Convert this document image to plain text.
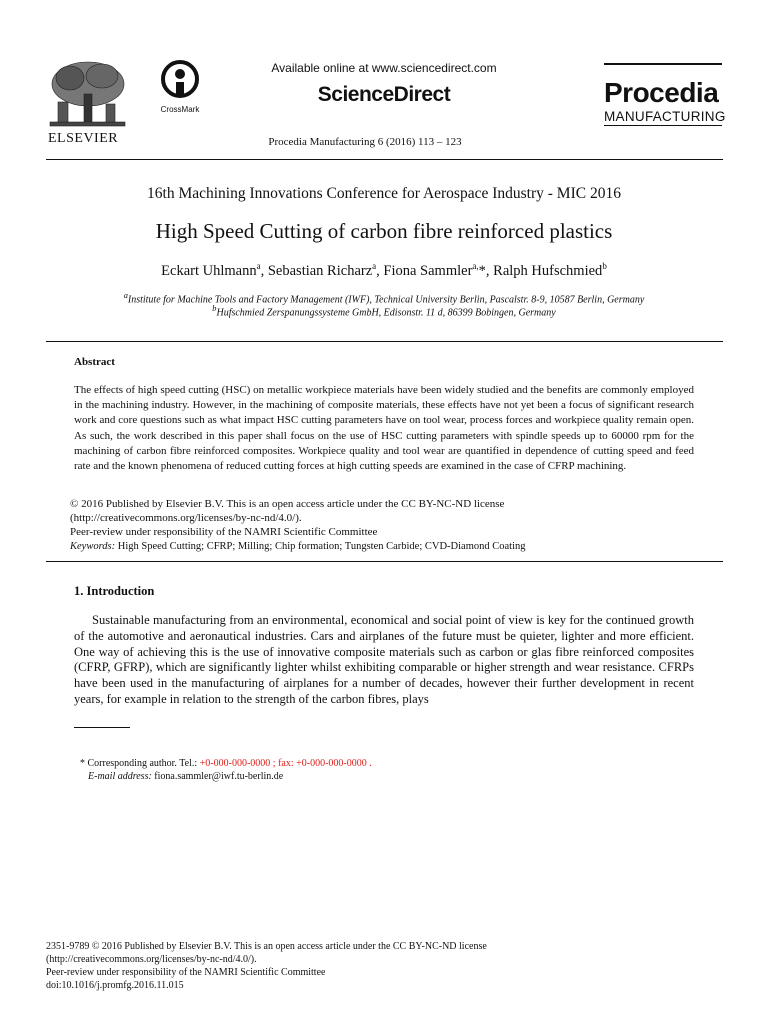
ELSEVIER
CrossMark
Available online at www.sciencedirect.com
ScienceDirect
Procedia Manufacturing 6 (2016) 113 – 123
Procedia
MANUFACTURING
16th Machining Innovations Conference for Aerospace Industry - MIC 2016
High Speed Cutting of carbon fibre reinforced plastics
Eckart Uhlmann$^a$, Sebastian Richarz$^a$, Fiona Sammler$^{a,}$*, Ralph Hufschmied$^b$
$^a$Institute for Machine Tools and Factory Management (IWF), Technical University Berlin, Pascalstr. 8-9, 10587 Berlin, Germany
$^b$Hufschmied Zerspanungssysteme GmbH, Edisonstr. 11 d, 86399 Bobingen, Germany
Abstract
The effects of high speed cutting (HSC) on metallic workpiece materials have been widely studied and the benefits are commonly employed in the machining industry. However, in the machining of composite materials, these effects have not yet been a focus of significant research work and core questions such as what impact HSC cutting parameters have on tool wear, process forces and workpiece quality remain open. As such, the work described in this paper shall focus on the use of HSC cutting parameters with spindle speeds up to 60000 rpm for the machining of carbon fibre reinforced composites. Workpiece quality and tool wear are quantified in dependence of cutting speed and feed rate and the known phenomena of reduced cutting forces at high cutting speeds are examined in the case of CFRP machining.
© 2016 Published by Elsevier B.V. This is an open access article under the CC BY-NC-ND license
(http://creativecommons.org/licenses/by-nc-nd/4.0/).
Peer-review under responsibility of the NAMRI Scientific Committee
Keywords: High Speed Cutting; CFRP; Milling; Chip formation; Tungsten Carbide; CVD-Diamond Coating
1. Introduction
Sustainable manufacturing from an environmental, economical and social point of view is key for the continued growth of the automotive and aeronautical industries. Cars and airplanes of the future must be quieter, lighter and more efficient. One way of achieving this is the use of innovative composite materials such as carbon or glas fibre reinforced composites (CFRP, GFRP), which are significantly lighter whilst exhibiting comparable or higher strength and wear resistance. CFRPs have been used in the manufacturing of airplanes for a number of decades, however their further development in recent years, for example in relation to the strength of the carbon fibres, plays
* Corresponding author. Tel.: +0-000-000-0000 ; fax: +0-000-000-0000 .
E-mail address: fiona.sammler@iwf.tu-berlin.de
2351-9789 © 2016 Published by Elsevier B.V. This is an open access article under the CC BY-NC-ND license
(http://creativecommons.org/licenses/by-nc-nd/4.0/).
Peer-review under responsibility of the NAMRI Scientific Committee
doi:10.1016/j.promfg.2016.11.015
